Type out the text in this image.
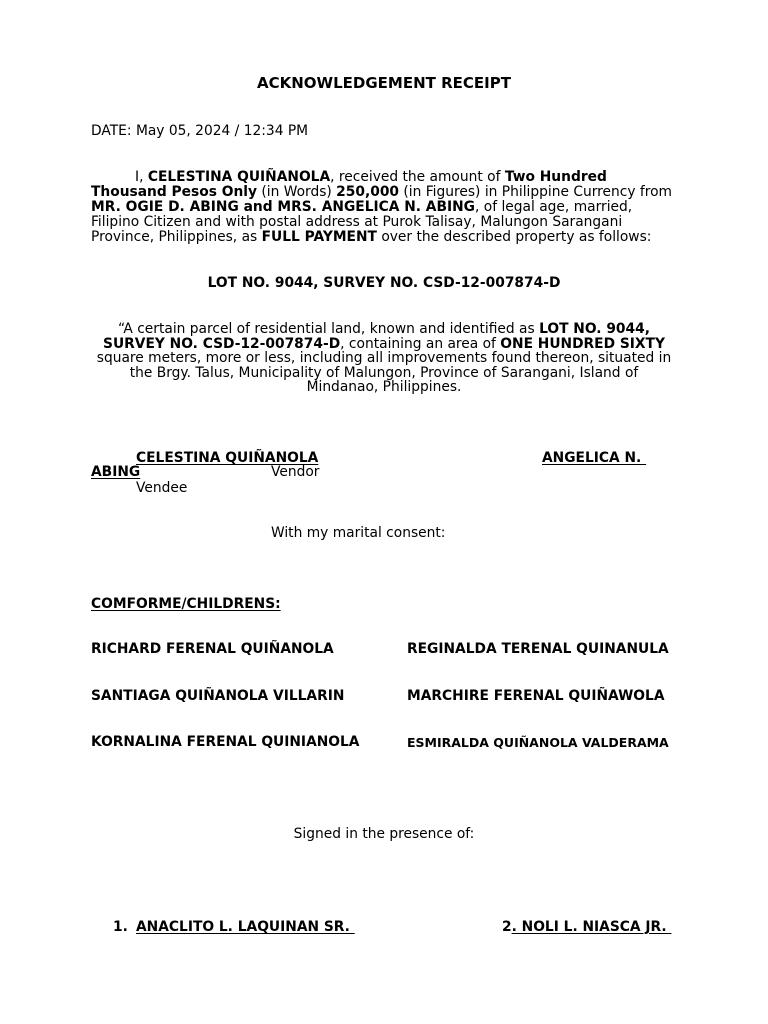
ACKNOWLEDGEMENT RECEIPT
DATE: May 05, 2024 / 12:34 PM
I, CELESTINA QUIÑANOLA, received the amount of Two Hundred
Thousand Pesos Only (in Words) 250,000 (in Figures) in Philippine Currency from
MR. OGIE D. ABING and MRS. ANGELICA N. ABING, of legal age, married,
Filipino Citizen and with postal address at Purok Talisay, Malungon Sarangani
Province, Philippines, as FULL PAYMENT over the described property as follows:
LOT NO. 9044, SURVEY NO. CSD-12-007874-D
“A certain parcel of residential land, known and identified as LOT NO. 9044,
SURVEY NO. CSD-12-007874-D, containing an area of ONE HUNDRED SIXTY
square meters, more or less, including all improvements found thereon, situated in
the Brgy. Talus, Municipality of Malungon, Province of Sarangani, Island of
Mindanao, Philippines.
CELESTINA QUIÑANOLA	ANGELICA N.
ABING	Vendor
Vendee
With my marital consent:
COMFORME/CHILDRENS:
RICHARD FERENAL QUIÑANOLA	REGINALDA TERENAL QUINANULA
SANTIAGA QUIÑANOLA VILLARIN	MARCHIRE FERENAL QUIÑAWOLA
KORNALINA FERENAL QUINIANOLA	ESMIRALDA QUIÑANOLA VALDERAMA
Signed in the presence of:
1. ANACLITO L. LAQUINAN SR.	2. NOLI L. NIASCA JR.
